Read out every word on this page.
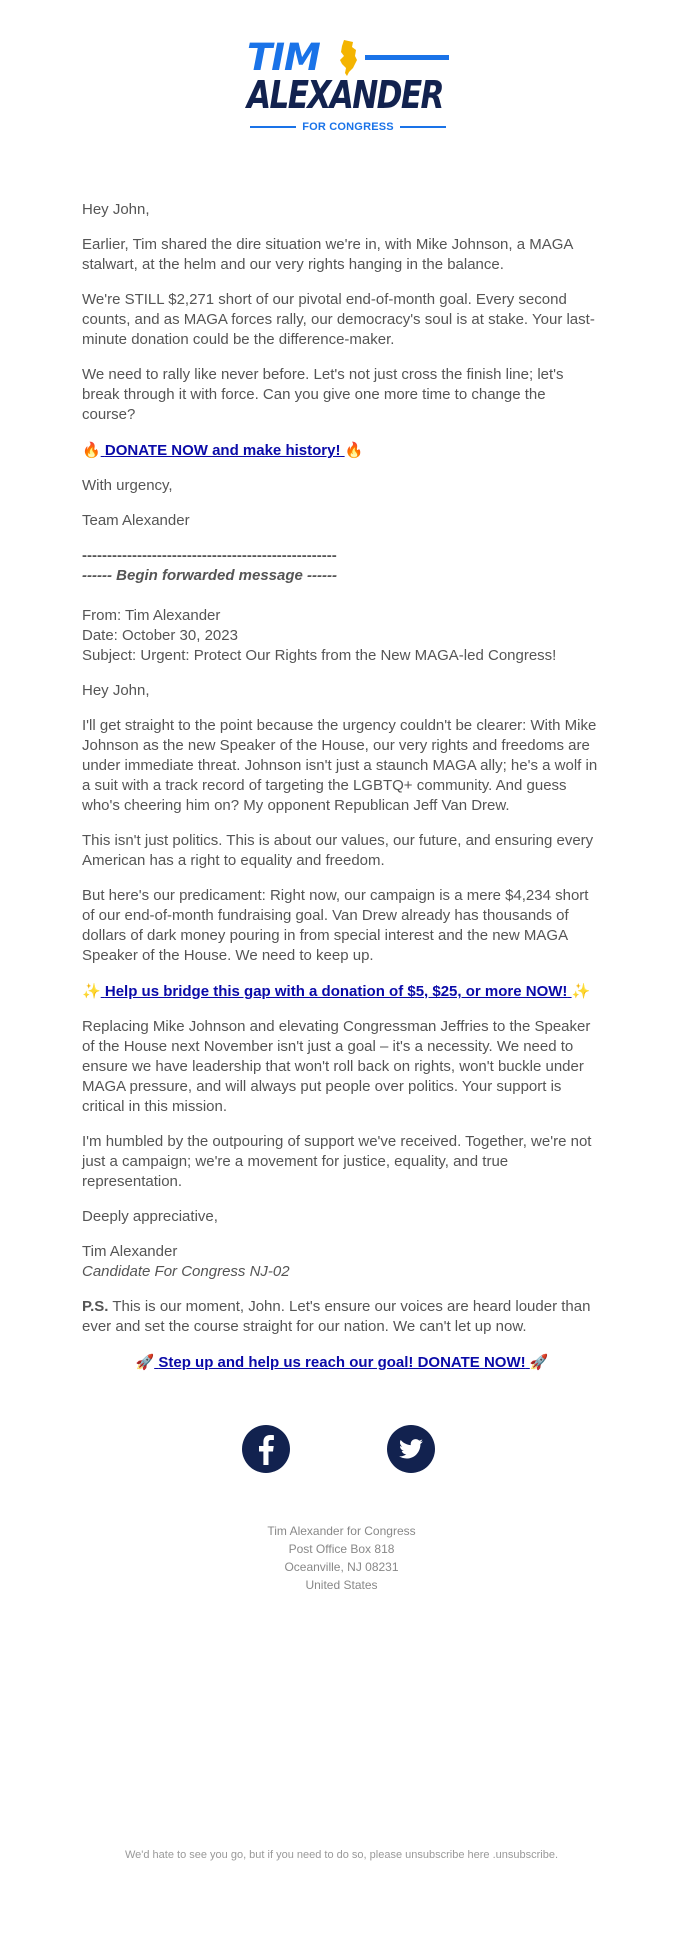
TIM
ALEXANDER
FOR CONGRESS

Hey John,

Earlier, Tim shared the dire situation we're in, with Mike Johnson, a MAGA stalwart, at the helm and our very rights hanging in the balance.

We're STILL $2,271 short of our pivotal end-of-month goal. Every second counts, and as MAGA forces rally, our democracy's soul is at stake. Your last-minute donation could be the difference-maker.

We need to rally like never before. Let's not just cross the finish line; let's break through it with force. Can you give one more time to change the course?

🔥 DONATE NOW and make history! 🔥

With urgency,

Team Alexander

---------------------------------------------------
------ Begin forwarded message ------

From: Tim Alexander
Date: October 30, 2023
Subject: Urgent: Protect Our Rights from the New MAGA-led Congress!

Hey John,

I'll get straight to the point because the urgency couldn't be clearer: With Mike Johnson as the new Speaker of the House, our very rights and freedoms are under immediate threat. Johnson isn't just a staunch MAGA ally; he's a wolf in a suit with a track record of targeting the LGBTQ+ community. And guess who's cheering him on? My opponent Republican Jeff Van Drew.

This isn't just politics. This is about our values, our future, and ensuring every American has a right to equality and freedom.

But here's our predicament: Right now, our campaign is a mere $4,234 short of our end-of-month fundraising goal. Van Drew already has thousands of dollars of dark money pouring in from special interest and the new MAGA Speaker of the House. We need to keep up.

✨ Help us bridge this gap with a donation of $5, $25, or more NOW! ✨

Replacing Mike Johnson and elevating Congressman Jeffries to the Speaker of the House next November isn't just a goal – it's a necessity. We need to ensure we have leadership that won't roll back on rights, won't buckle under MAGA pressure, and will always put people over politics. Your support is critical in this mission.

I'm humbled by the outpouring of support we've received. Together, we're not just a campaign; we're a movement for justice, equality, and true representation.

Deeply appreciative,

Tim Alexander
Candidate For Congress NJ-02

P.S. This is our moment, John. Let's ensure our voices are heard louder than ever and set the course straight for our nation. We can't let up now.

🚀 Step up and help us reach our goal! DONATE NOW! 🚀

Tim Alexander for Congress
Post Office Box 818
Oceanville, NJ 08231
United States
We'd hate to see you go, but if you need to do so, please unsubscribe here .unsubscribe.
